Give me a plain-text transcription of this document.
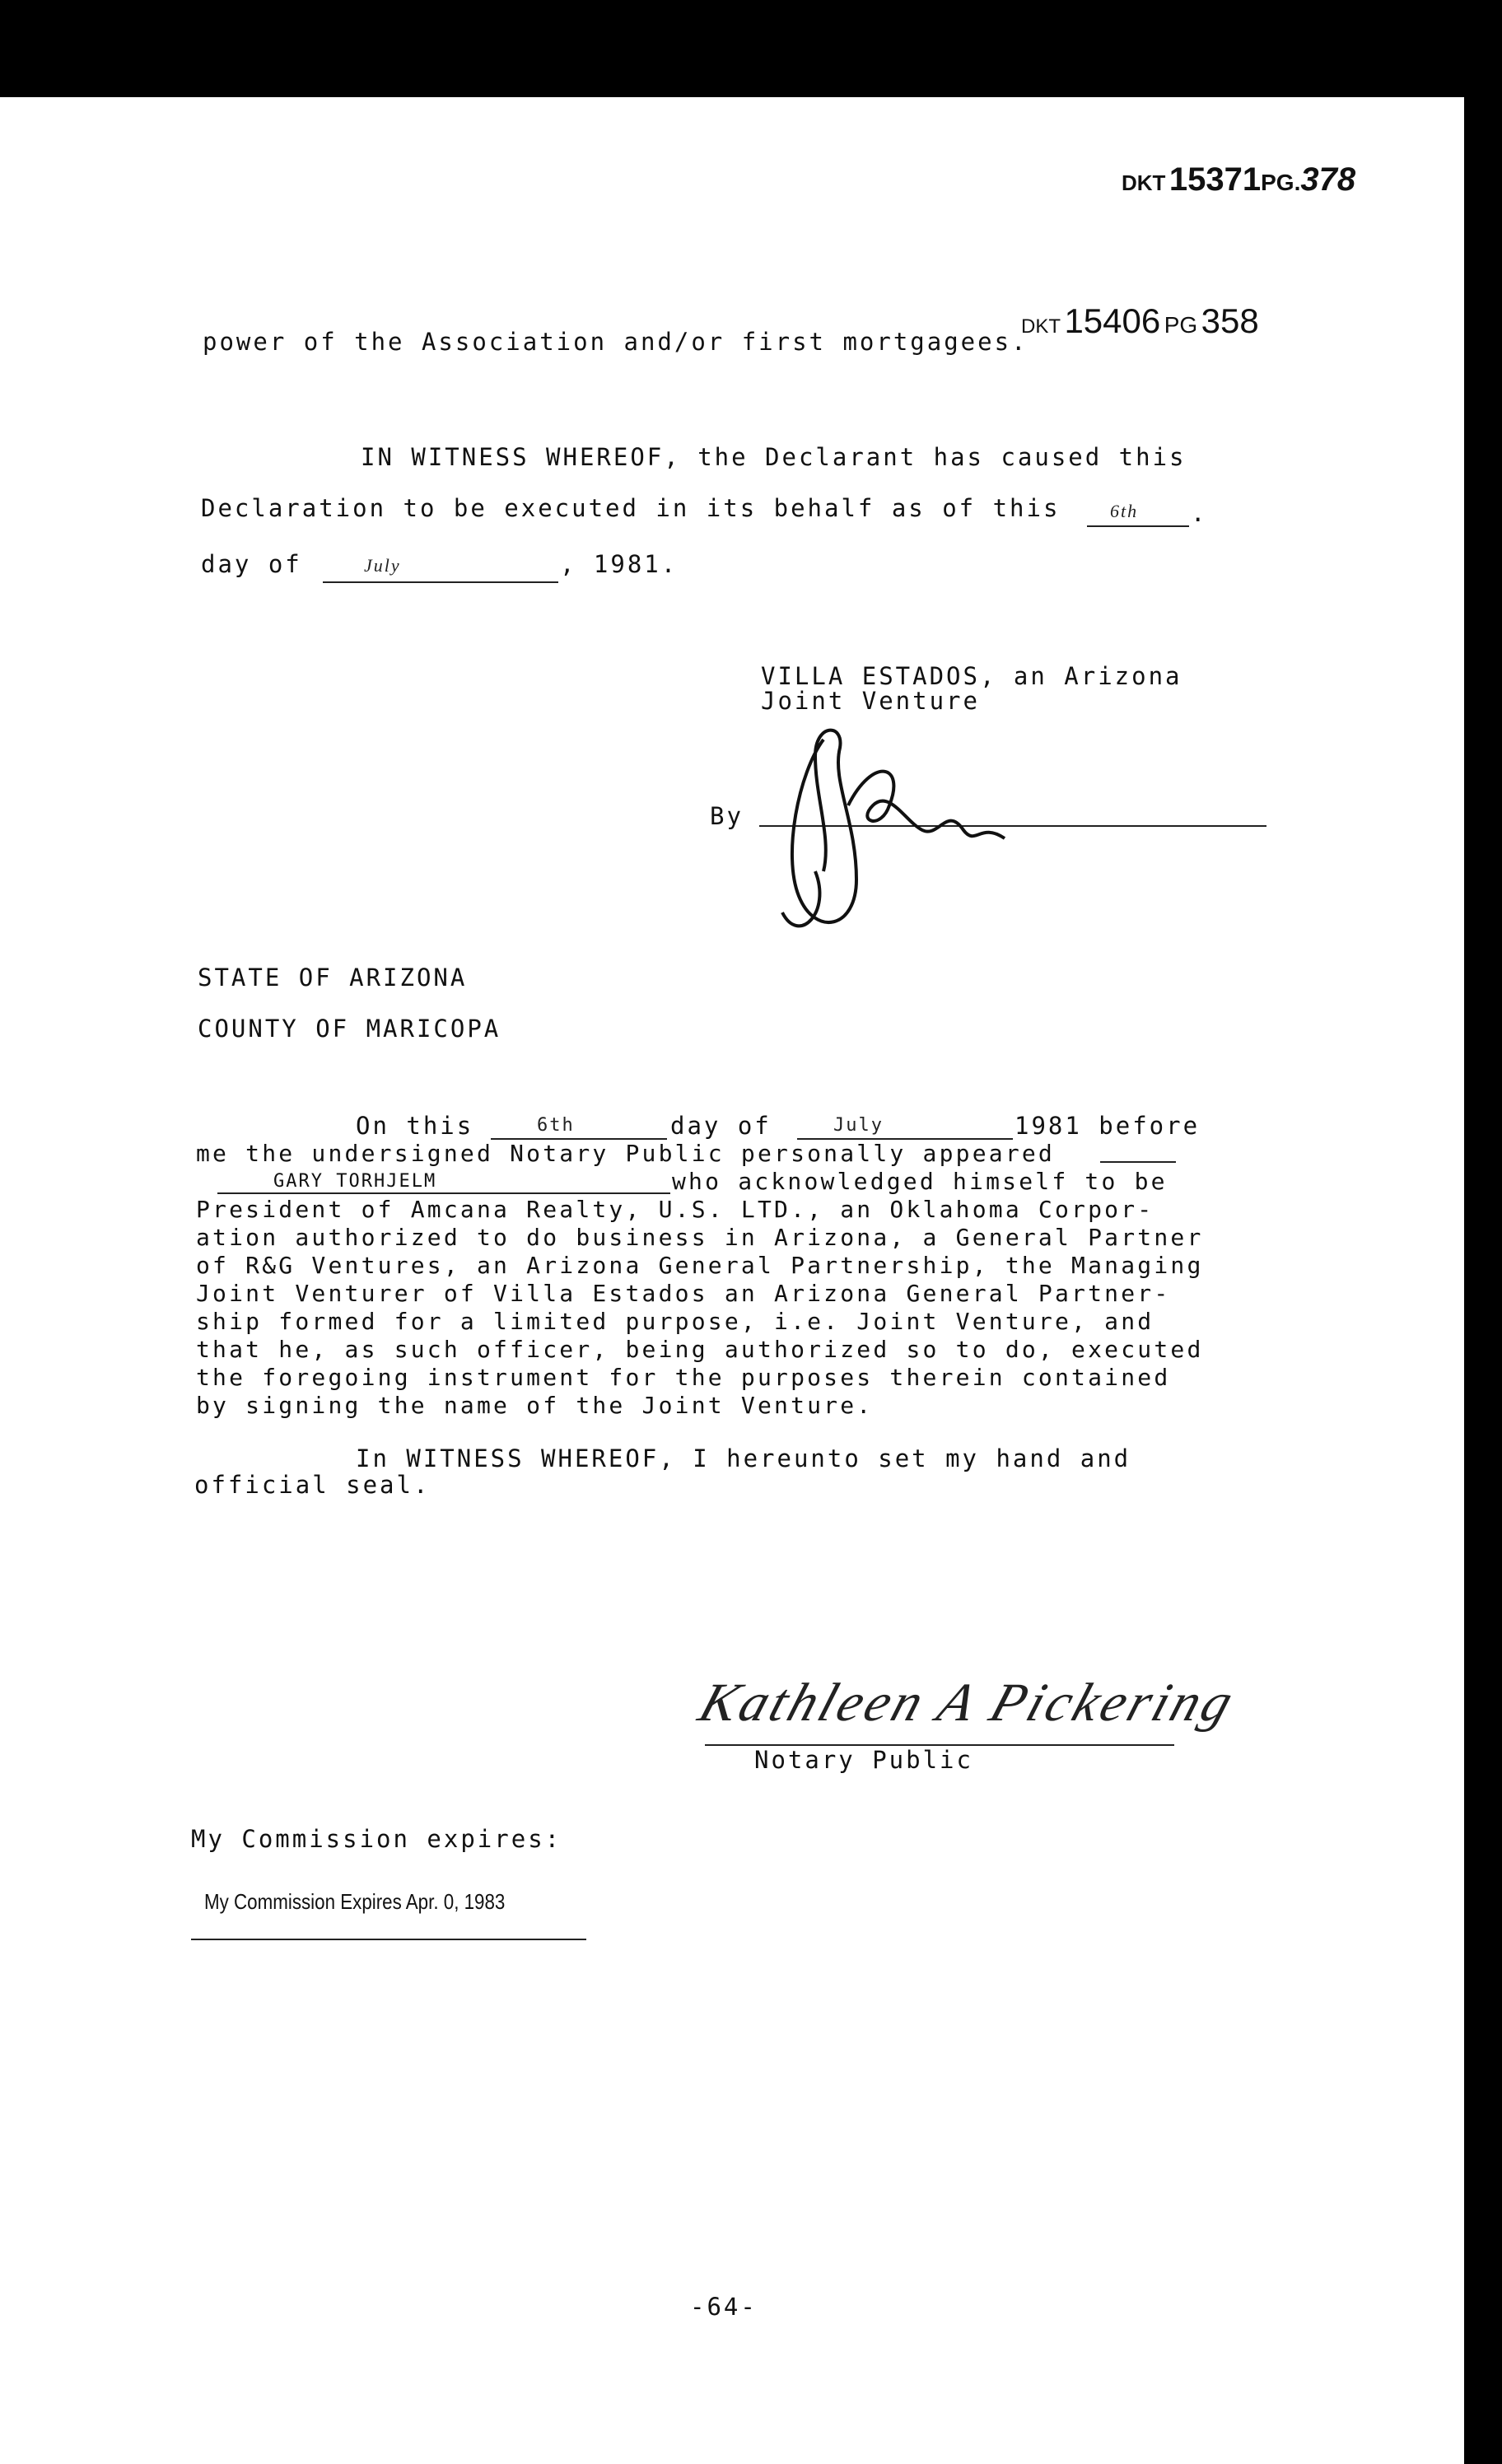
DKT 15371PG.378
DKT 15406 PG 358
power of the Association and/or first mortgagees.
IN WITNESS WHEREOF, the Declarant has caused this
Declaration to be executed in its behalf as of this	6th .
day of	July	, 1981.
VILLA ESTADOS, an Arizona
Joint Venture
By
STATE OF ARIZONA
COUNTY OF MARICOPA
On this	6th	day of	July	1981 before
me the undersigned Notary Public personally appeared
GARY TORHJELM	who acknowledged himself to be
President of Amcana Realty, U.S. LTD., an Oklahoma Corpor-
ation authorized to do business in Arizona, a General Partner
of R&G Ventures, an Arizona General Partnership, the Managing
Joint Venturer of Villa Estados an Arizona General Partner-
ship formed for a limited purpose, i.e. Joint Venture, and
that he, as such officer, being authorized so to do, executed
the foregoing instrument for the purposes therein contained
by signing the name of the Joint Venture.
In WITNESS WHEREOF, I hereunto set my hand and
official seal.
Kathleen A Pickering
Notary Public
My Commission expires:
My Commission Expires Apr. 0, 1983
-64-
